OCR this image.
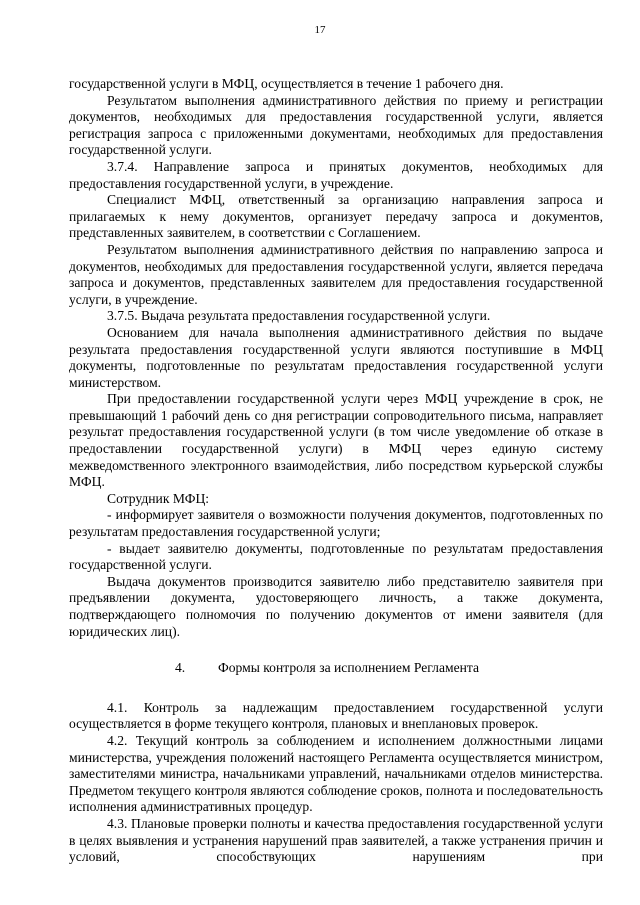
17

государственной услуги в МФЦ, осуществляется в течение 1 рабочего дня.

Результатом выполнения административного действия по приему и регистрации документов, необходимых для предоставления государственной услуги, является регистрация запроса с приложенными документами, необходимых для предоставления государственной услуги.

3.7.4. Направление запроса и принятых документов, необходимых для предоставления государственной услуги, в учреждение.

Специалист МФЦ, ответственный за организацию направления запроса и прилагаемых к нему документов, организует передачу запроса и документов, представленных заявителем, в соответствии с Соглашением.

Результатом выполнения административного действия по направлению запроса и документов, необходимых для предоставления государственной услуги, является передача запроса и документов, представленных заявителем для предоставления государственной услуги, в учреждение.

3.7.5. Выдача результата предоставления государственной услуги.

Основанием для начала выполнения административного действия по выдаче результата предоставления государственной услуги являются поступившие в МФЦ документы, подготовленные по результатам предоставления государственной услуги министерством.

При предоставлении государственной услуги через МФЦ учреждение в срок, не превышающий 1 рабочий день со дня регистрации сопроводительного письма, направляет результат предоставления государственной услуги (в том числе уведомление об отказе в предоставлении государственной услуги) в МФЦ через единую систему межведомственного электронного взаимодействия, либо посредством курьерской службы МФЦ.

Сотрудник МФЦ:

- информирует заявителя о возможности получения документов, подготовленных по результатам предоставления государственной услуги;

- выдает заявителю документы, подготовленные по результатам предоставления государственной услуги.

Выдача документов производится заявителю либо представителю заявителя при предъявлении документа, удостоверяющего личность, а также документа, подтверждающего полномочия по получению документов от имени заявителя (для юридических лиц).

4.	Формы контроля за исполнением Регламента

4.1. Контроль за надлежащим предоставлением государственной услуги осуществляется в форме текущего контроля, плановых и внеплановых проверок.

4.2. Текущий контроль за соблюдением и исполнением должностными лицами министерства, учреждения положений настоящего Регламента осуществляется министром, заместителями министра, начальниками управлений, начальниками отделов министерства. Предметом текущего контроля являются соблюдение сроков, полнота и последовательность исполнения административных процедур.

4.3. Плановые проверки полноты и качества предоставления государственной услуги в целях выявления и устранения нарушений прав заявителей, а также устранения причин и условий, способствующих нарушениям при
